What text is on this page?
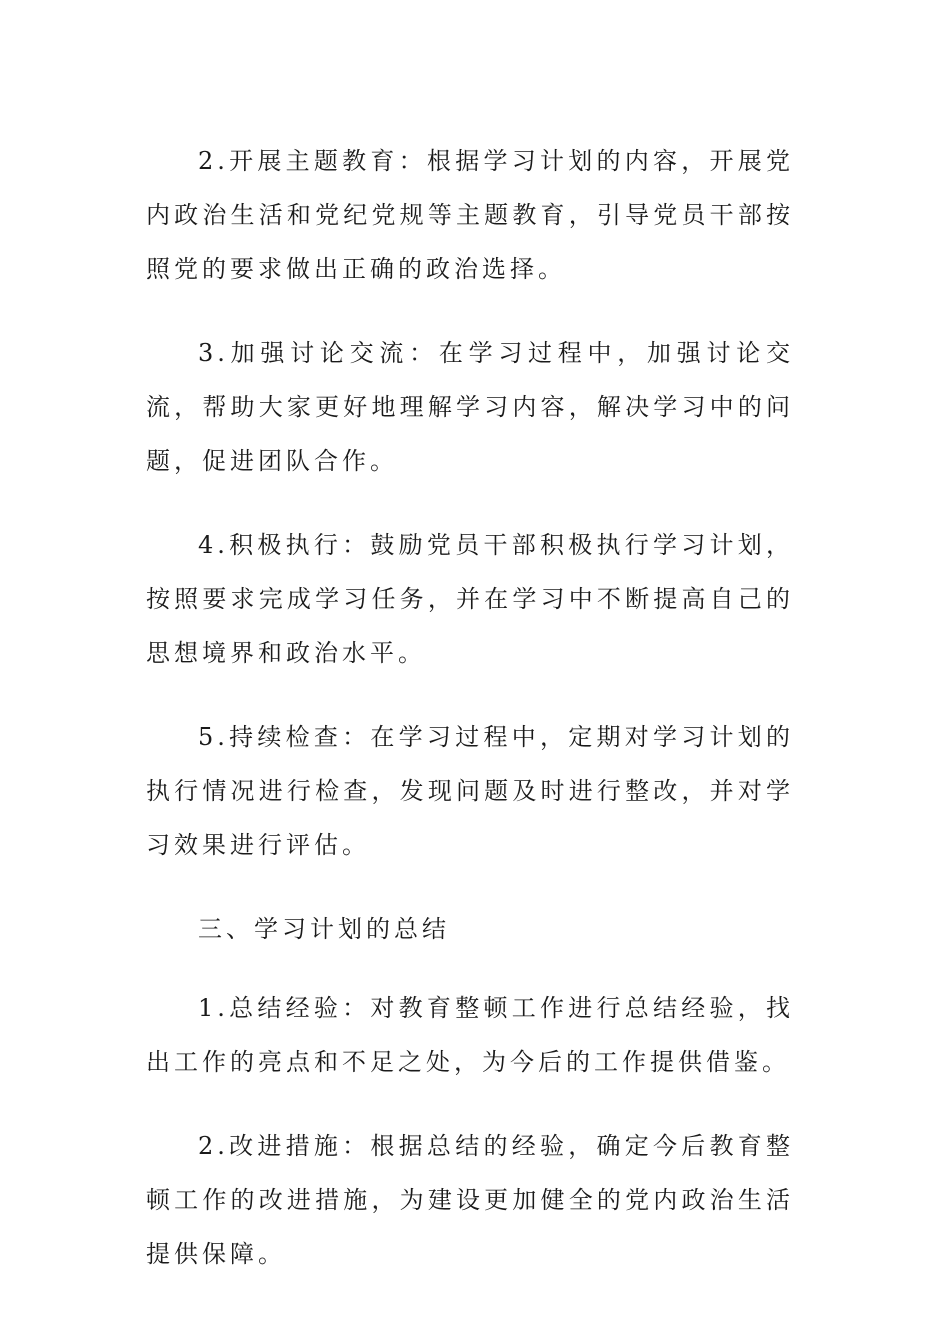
2.开展主题教育：根据学习计划的内容，开展党内政治生活和党纪党规等主题教育，引导党员干部按照党的要求做出正确的政治选择。

3.加强讨论交流：在学习过程中，加强讨论交流，帮助大家更好地理解学习内容，解决学习中的问题，促进团队合作。

4.积极执行：鼓励党员干部积极执行学习计划，按照要求完成学习任务，并在学习中不断提高自己的思想境界和政治水平。

5.持续检查：在学习过程中，定期对学习计划的执行情况进行检查，发现问题及时进行整改，并对学习效果进行评估。

三、学习计划的总结

1.总结经验：对教育整顿工作进行总结经验，找出工作的亮点和不足之处，为今后的工作提供借鉴。

2.改进措施：根据总结的经验，确定今后教育整顿工作的改进措施，为建设更加健全的党内政治生活提供保障。
